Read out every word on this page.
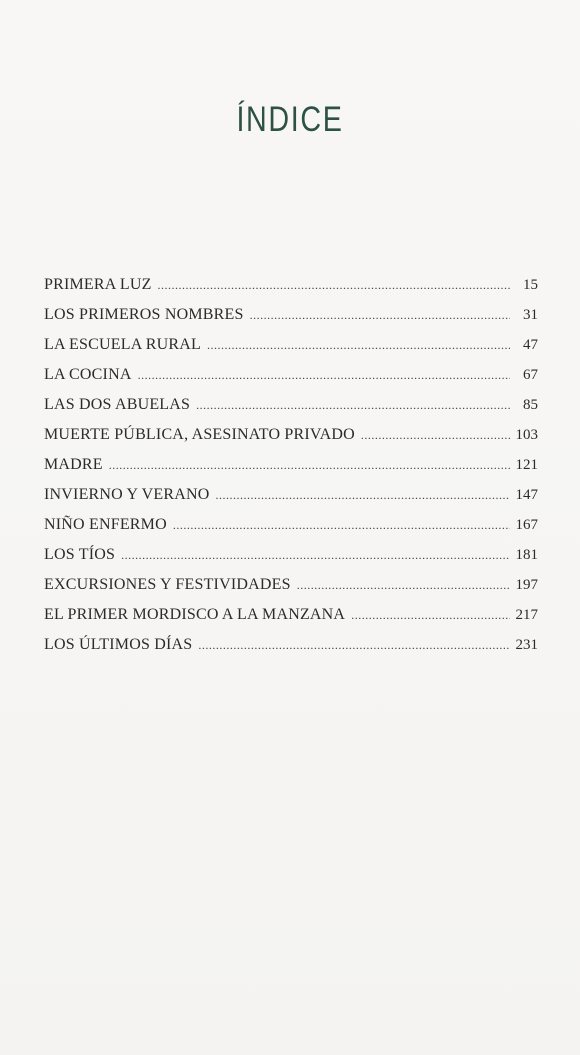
ÍNDICE
PRIMERA LUZ .....	15
LOS PRIMEROS NOMBRES .....	31
LA ESCUELA RURAL .....	47
LA COCINA .....	67
LAS DOS ABUELAS .....	85
MUERTE PÚBLICA, ASESINATO PRIVADO .....	103
MADRE .....	121
INVIERNO Y VERANO .....	147
NIÑO ENFERMO .....	167
LOS TÍOS .....	181
EXCURSIONES Y FESTIVIDADES .....	197
EL PRIMER MORDISCO A LA MANZANA .....	217
LOS ÚLTIMOS DÍAS .....	231
